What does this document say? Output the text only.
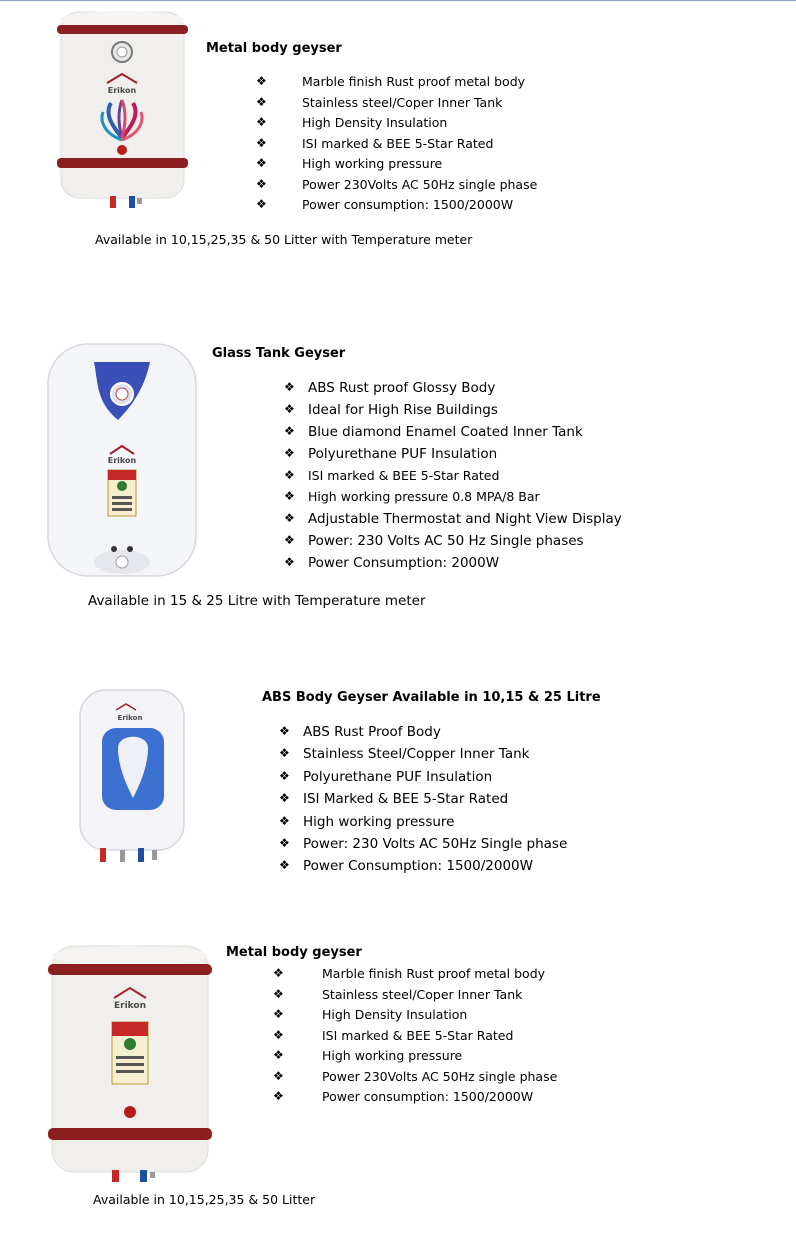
Erikon
Metal body geyser
❖	Marble finish Rust proof metal body
❖	Stainless steel/Coper Inner Tank
❖	High Density Insulation
❖	ISI marked & BEE 5-Star Rated
❖	High working pressure
❖	Power 230Volts AC 50Hz single phase
❖	Power consumption: 1500/2000W
Available in 10,15,25,35 & 50 Litter with Temperature meter
Erikon
Glass Tank Geyser
❖ ABS Rust proof Glossy Body
❖ Ideal for High Rise Buildings
❖ Blue diamond Enamel Coated Inner Tank
❖ Polyurethane PUF Insulation
❖ ISI marked & BEE 5-Star Rated
❖ High working pressure 0.8 MPA/8 Bar
❖ Adjustable Thermostat and Night View Display
❖ Power: 230 Volts AC 50 Hz Single phases
❖ Power Consumption: 2000W
Available in 15 & 25 Litre with Temperature meter
Erikon
ABS Body Geyser Available in 10,15 & 25 Litre
❖ ABS Rust Proof Body
❖ Stainless Steel/Copper Inner Tank
❖ Polyurethane PUF Insulation
❖ ISI Marked & BEE 5-Star Rated
❖ High working pressure
❖ Power: 230 Volts AC 50Hz Single phase
❖ Power Consumption: 1500/2000W
Erikon
Metal body geyser
❖	Marble finish Rust proof metal body
❖	Stainless steel/Coper Inner Tank
❖	High Density Insulation
❖	ISI marked & BEE 5-Star Rated
❖	High working pressure
❖	Power 230Volts AC 50Hz single phase
❖	Power consumption: 1500/2000W
Available in 10,15,25,35 & 50 Litter
